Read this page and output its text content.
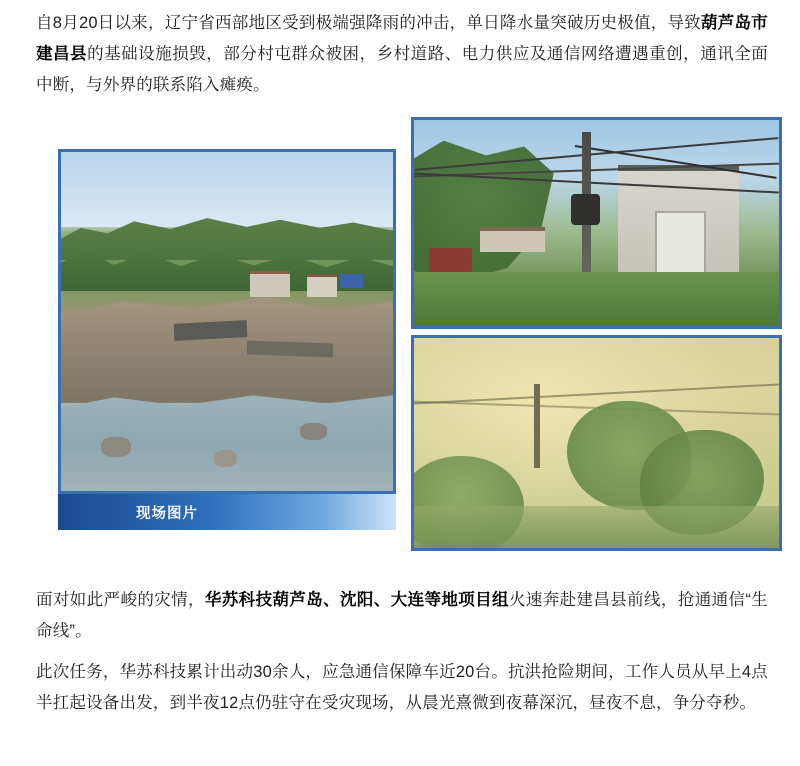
自8月20日以来，辽宁省西部地区受到极端强降雨的冲击，单日降水量突破历史极值，导致葫芦岛市建昌县的基础设施损毁，部分村屯群众被困，乡村道路、电力供应及通信网络遭遇重创，通讯全面中断，与外界的联系陷入瘫痪。

现场图片

面对如此严峻的灾情，华苏科技葫芦岛、沈阳、大连等地项目组火速奔赴建昌县前线，抢通通信“生命线”。

此次任务，华苏科技累计出动30余人，应急通信保障车近20台。抗洪抢险期间，工作人员从早上4点半扛起设备出发，到半夜12点仍驻守在受灾现场，从晨光熹微到夜幕深沉，昼夜不息，争分夺秒。
